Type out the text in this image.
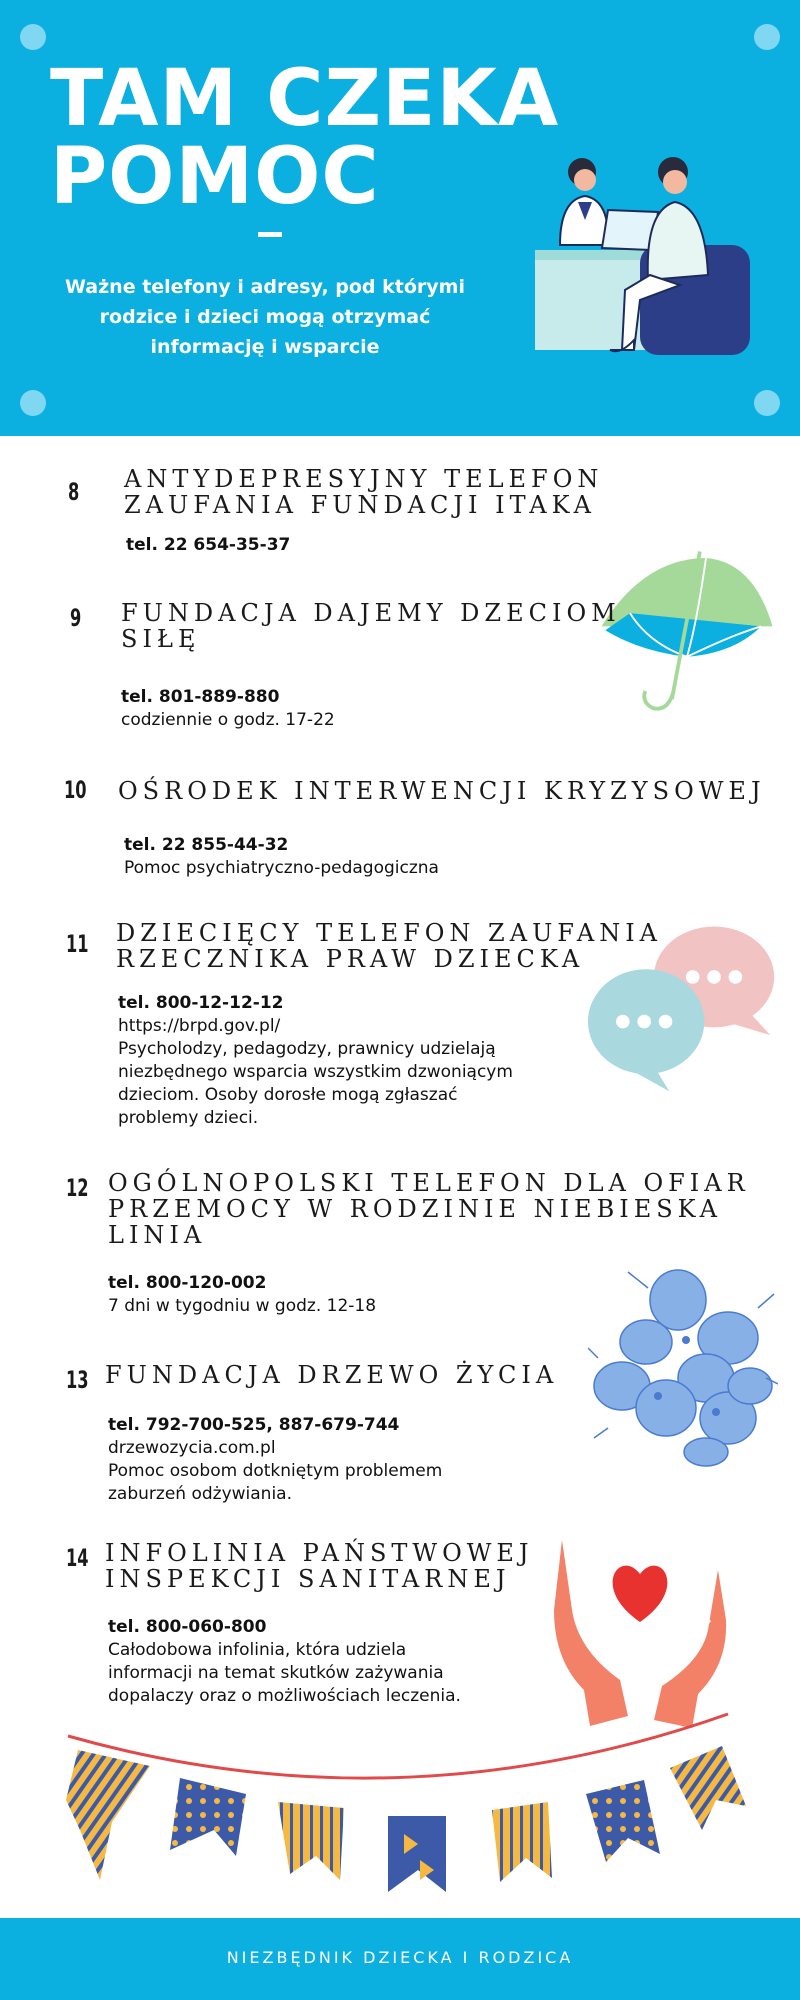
TAM CZEKA
POMOC
Ważne telefony i adresy, pod którymi rodzice i dzieci mogą otrzymać informację i wsparcie
8 ANTYDEPRESYJNY TELEFON
ZAUFANIA FUNDACJI ITAKA
tel. 22 654-35-37
9 FUNDACJA DAJEMY DZECIOM
SIŁĘ
tel. 801-889-880
codziennie o godz. 17-22
10 OŚRODEK INTERWENCJI KRYZYSOWEJ
tel. 22 855-44-32
Pomoc psychiatryczno-pedagogiczna
11 DZIECIĘCY TELEFON ZAUFANIA
RZECZNIKA PRAW DZIECKA
tel. 800-12-12-12
https://brpd.gov.pl/
Psycholodzy, pedagodzy, prawnicy udzielają
niezbędnego wsparcia wszystkim dzwoniącym
dzieciom. Osoby dorosłe mogą zgłaszać
problemy dzieci.
12 OGÓLNOPOLSKI TELEFON DLA OFIAR
PRZEMOCY W RODZINIE NIEBIESKA
LINIA
tel. 800-120-002
7 dni w tygodniu w godz. 12-18
13 FUNDACJA DRZEWO ŻYCIA
tel. 792-700-525, 887-679-744
drzewozycia.com.pl
Pomoc osobom dotkniętym problemem
zaburzeń odżywiania.
14 INFOLINIA PAŃSTWOWEJ
INSPEKCJI SANITARNEJ
tel. 800-060-800
Całodobowa infolinia, która udziela
informacji na temat skutków zażywania
dopalaczy oraz o możliwościach leczenia.
NIEZBĘDNIK DZIECKA I RODZICA
